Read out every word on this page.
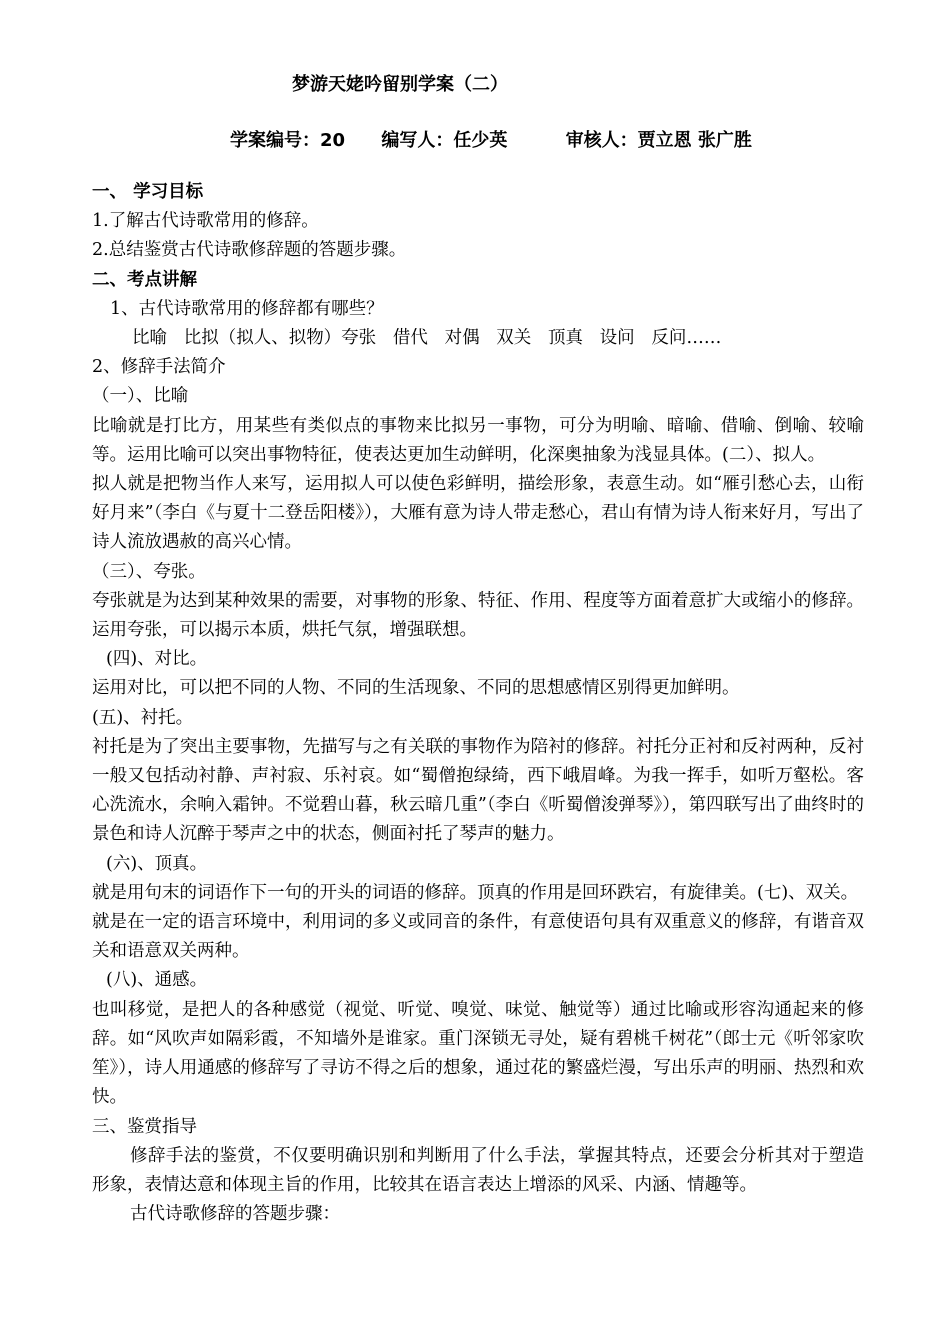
梦游天姥吟留别学案（二）
学案编号：20 编写人：任少英	审核人：贾立恩 张广胜
一、 学习目标
1.了解古代诗歌常用的修辞。
2.总结鉴赏古代诗歌修辞题的答题步骤。
二、考点讲解
1、古代诗歌常用的修辞都有哪些？
比喻   比拟（拟人、拟物）夸张   借代   对偶   双关   顶真   设问   反问……
2、修辞手法简介
（一）、比喻
比喻就是打比方，用某些有类似点的事物来比拟另一事物，可分为明喻、暗喻、借喻、倒喻、较喻等。运用比喻可以突出事物特征，使表达更加生动鲜明，化深奥抽象为浅显具体。(二）、拟人。
拟人就是把物当作人来写，运用拟人可以使色彩鲜明，描绘形象，表意生动。如“雁引愁心去，山衔好月来”（李白《与夏十二登岳阳楼》），大雁有意为诗人带走愁心，君山有情为诗人衔来好月，写出了诗人流放遇赦的高兴心情。
（三）、夸张。
夸张就是为达到某种效果的需要，对事物的形象、特征、作用、程度等方面着意扩大或缩小的修辞。运用夸张，可以揭示本质，烘托气氛，增强联想。
(四)、对比。
运用对比，可以把不同的人物、不同的生活现象、不同的思想感情区别得更加鲜明。
(五)、衬托。
衬托是为了突出主要事物，先描写与之有关联的事物作为陪衬的修辞。衬托分正衬和反衬两种，反衬一般又包括动衬静、声衬寂、乐衬哀。如“蜀僧抱绿绮，西下峨眉峰。为我一挥手，如听万壑松。客心洗流水，余响入霜钟。不觉碧山暮，秋云暗几重”（李白《听蜀僧浚弹琴》），第四联写出了曲终时的景色和诗人沉醉于琴声之中的状态，侧面衬托了琴声的魅力。
(六)、顶真。
就是用句末的词语作下一句的开头的词语的修辞。顶真的作用是回环跌宕，有旋律美。(七)、双关。
就是在一定的语言环境中，利用词的多义或同音的条件，有意使语句具有双重意义的修辞，有谐音双关和语意双关两种。
(八)、通感。
也叫移觉，是把人的各种感觉（视觉、听觉、嗅觉、味觉、触觉等）通过比喻或形容沟通起来的修辞。如“风吹声如隔彩霞，不知墙外是谁家。重门深锁无寻处，疑有碧桃千树花”（郎士元《听邻家吹笙》），诗人用通感的修辞写了寻访不得之后的想象，通过花的繁盛烂漫，写出乐声的明丽、热烈和欢快。
三、鉴赏指导
修辞手法的鉴赏，不仅要明确识别和判断用了什么手法，掌握其特点，还要会分析其对于塑造形象，表情达意和体现主旨的作用，比较其在语言表达上增添的风采、内涵、情趣等。
古代诗歌修辞的答题步骤：
